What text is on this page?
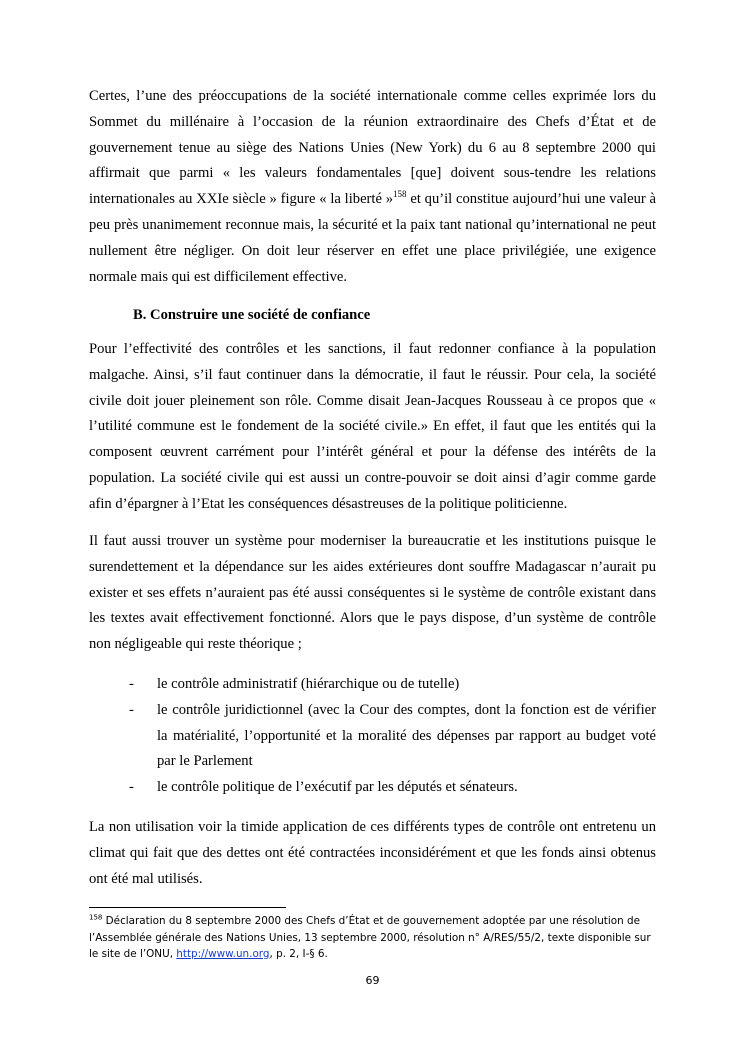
Certes, l’une des préoccupations de la société internationale comme celles exprimée lors du Sommet du millénaire à l’occasion de la réunion extraordinaire des Chefs d’État et de gouvernement tenue au siège des Nations Unies (New York) du 6 au 8 septembre 2000 qui affirmait que parmi « les valeurs fondamentales [que] doivent sous-tendre les relations internationales au XXIe siècle » figure « la liberté »$^{158}$ et qu’il constitue aujourd’hui une valeur à peu près unanimement reconnue mais, la sécurité et la paix tant national qu’international ne peut nullement être négliger. On doit leur réserver en effet une place privilégiée, une exigence normale mais qui est difficilement effective.

B. Construire une société de confiance

Pour l’effectivité des contrôles et les sanctions, il faut redonner confiance à la population malgache. Ainsi, s’il faut continuer dans la démocratie, il faut le réussir. Pour cela, la société civile doit jouer pleinement son rôle. Comme disait Jean-Jacques Rousseau à ce propos que « l’utilité commune est le fondement de la société civile.» En effet, il faut que les entités qui la composent œuvrent carrément pour l’intérêt général et pour la défense des intérêts de la population. La société civile qui est aussi un contre-pouvoir se doit ainsi d’agir comme garde afin d’épargner à l’Etat les conséquences désastreuses de la politique politicienne.

Il faut aussi trouver un système pour moderniser la bureaucratie et les institutions puisque le surendettement et la dépendance sur les aides extérieures dont souffre Madagascar n’aurait pu exister et ses effets n’auraient pas été aussi conséquentes si le système de contrôle existant dans les textes avait effectivement fonctionné. Alors que le pays dispose, d’un système de contrôle non négligeable qui reste théorique ;

- le contrôle administratif (hiérarchique ou de tutelle)
- le contrôle juridictionnel (avec la Cour des comptes, dont la fonction est de vérifier la matérialité, l’opportunité et la moralité des dépenses par rapport au budget voté par le Parlement
- le contrôle politique de l’exécutif par les députés et sénateurs.

La non utilisation voir la timide application de ces différents types de contrôle ont entretenu un climat qui fait que des dettes ont été contractées inconsidérément et que les fonds ainsi obtenus ont été mal utilisés.

$^{158}$ Déclaration du 8 septembre 2000 des Chefs d’État et de gouvernement adoptée par une résolution de l’Assemblée générale des Nations Unies, 13 septembre 2000, résolution n° A/RES/55/2, texte disponible sur le site de l’ONU, http://www.un.org, p. 2, I-§ 6.

69
